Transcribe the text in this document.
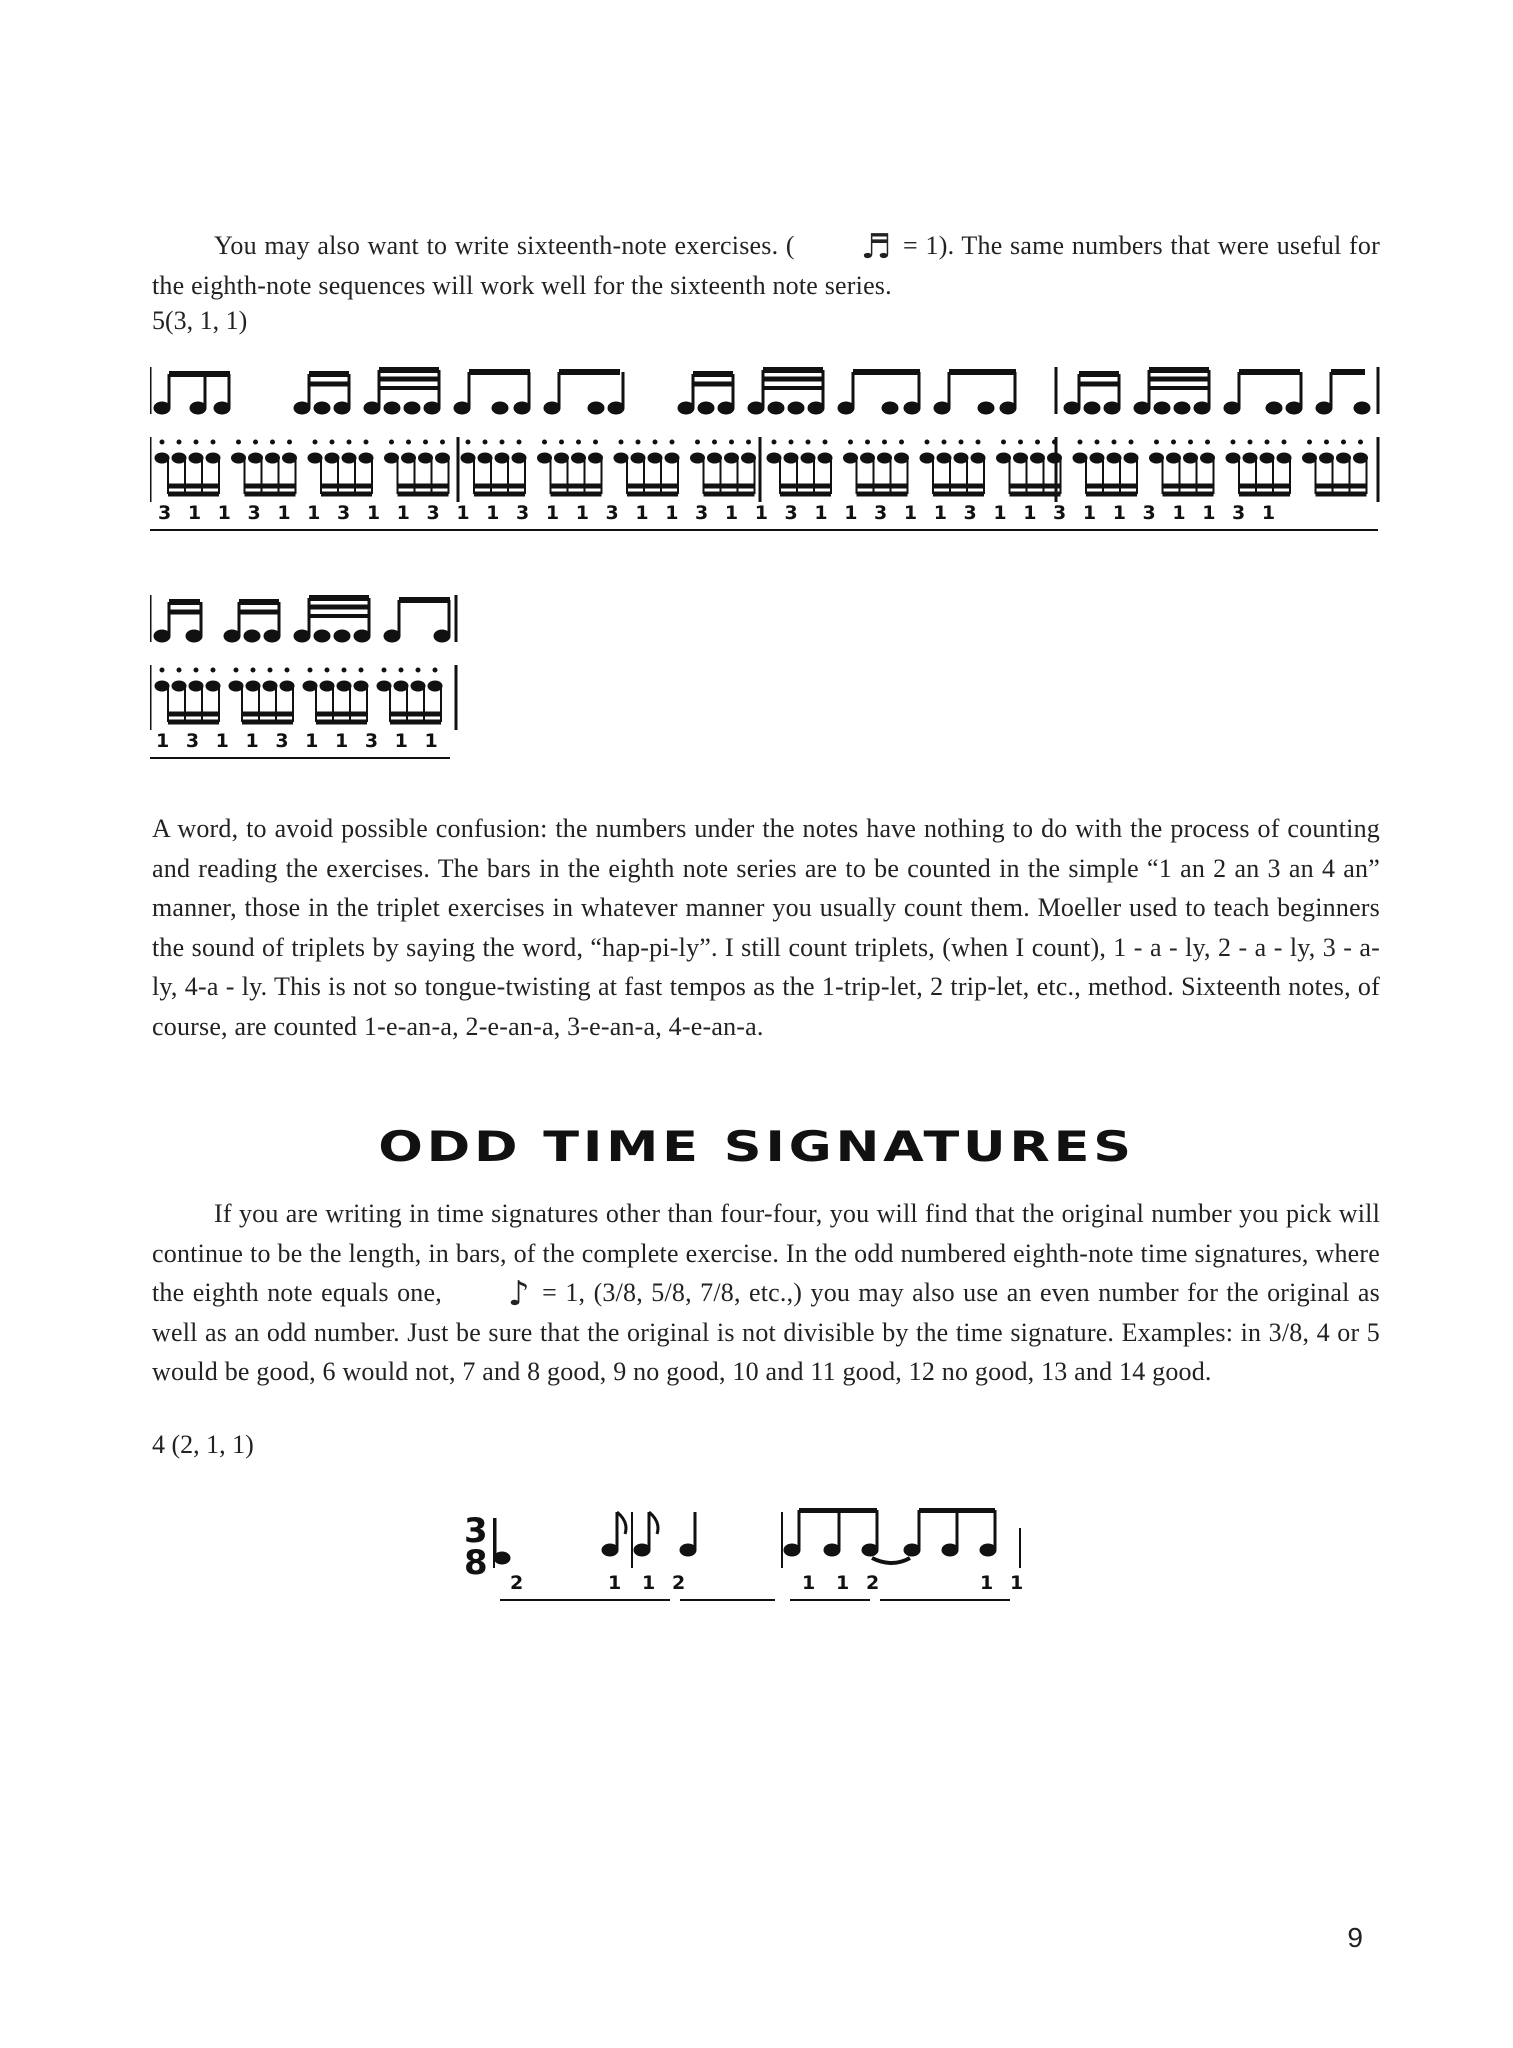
You may also want to write sixteenth-note exercises. ( ♬ = 1). The same numbers that were useful for the eighth-note sequences will work well for the sixteenth note series.

5(3, 1, 1)
3 1 1 3 1 1 3 1 1 3 1 1 3 1 1 3 1 1 3 1 1 3 1 1 3 1 1 3 1 1 3 1 1 3 1 1 3 1
1 3 1 1 3 1 1 3 1 1

A word, to avoid possible confusion: the numbers under the notes have nothing to do with the process of counting and reading the exercises. The bars in the eighth note series are to be counted in the simple “1 an 2 an 3 an 4 an” manner, those in the triplet exercises in whatever manner you usually count them. Moeller used to teach beginners the sound of triplets by saying the word, “hap-pi-ly”. I still count triplets, (when I count), 1 - a - ly, 2 - a - ly, 3 - a-ly, 4-a - ly. This is not so tongue-twisting at fast tempos as the 1-trip-let, 2 trip-let, etc., method. Sixteenth notes, of course, are counted 1-e-an-a, 2-e-an-a, 3-e-an-a, 4-e-an-a.

ODD TIME SIGNATURES

If you are writing in time signatures other than four-four, you will find that the original number you pick will continue to be the length, in bars, of the complete exercise. In the odd numbered eighth-note time signatures, where the eighth note equals one, ♪ = 1, (3/8, 5/8, 7/8, etc.,) you may also use an even number for the original as well as an odd number. Just be sure that the original is not divisible by the time signature. Examples: in 3/8, 4 or 5 would be good, 6 would not, 7 and 8 good, 9 no good, 10 and 11 good, 12 no good, 13 and 14 good.

4 (2, 1, 1)
3
8 2	1 1 2	1 1 2	1 1
9
